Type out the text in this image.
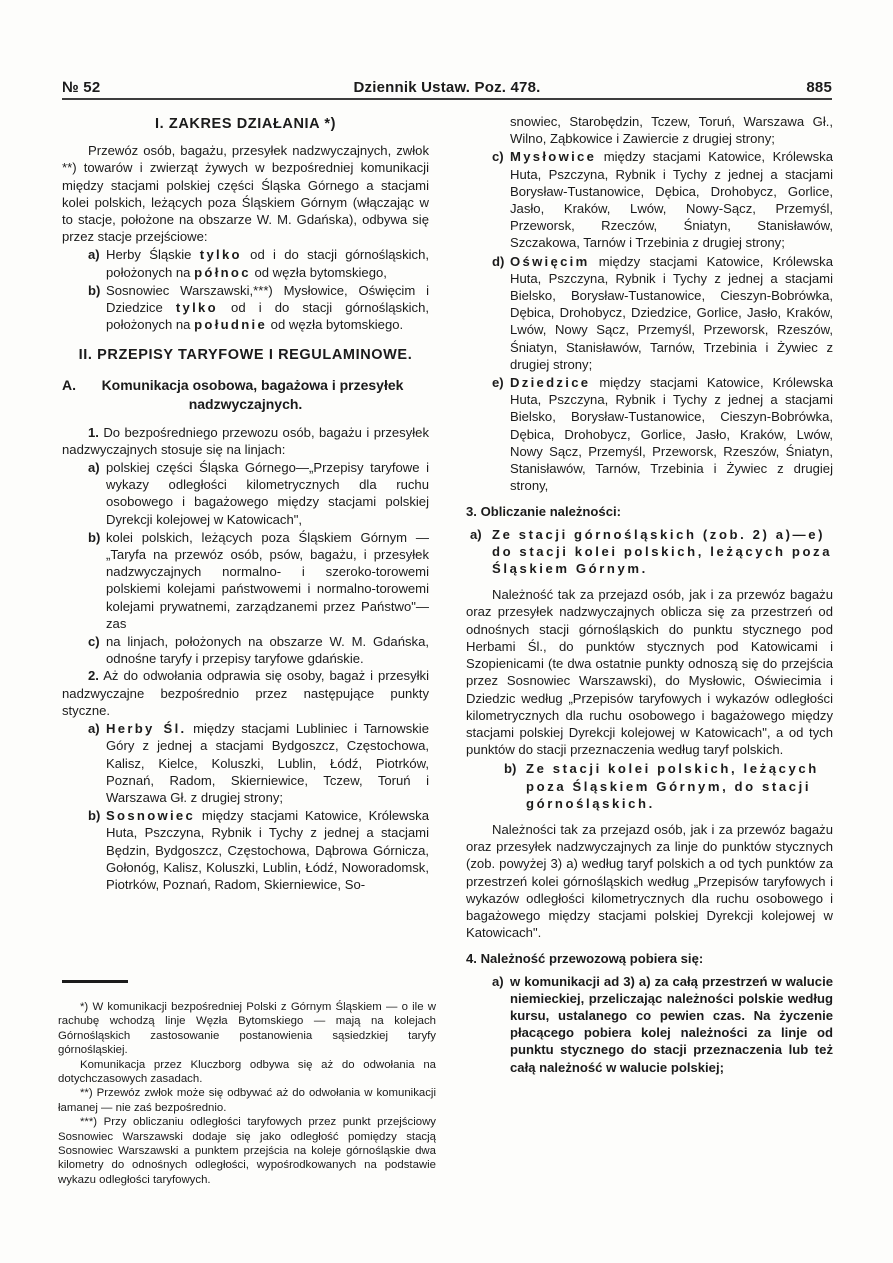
№ 52	Dziennik Ustaw. Poz. 478.	885
I. ZAKRES DZIAŁANIA *)

Przewóz osób, bagażu, przesyłek nadzwyczajnych, zwłok **) towarów i zwierząt żywych w bezpośredniej komunikacji między stacjami polskiej części Śląska Górnego a stacjami kolei polskich, leżących poza Śląskiem Górnym (włączając w to stacje, położone na obszarze W. M. Gdańska), odbywa się przez stacje przejściowe:

a) Herby Śląskie tylko od i do stacji górnośląskich, położonych na północ od węzła bytomskiego,
b) Sosnowiec Warszawski,***) Mysłowice, Oświęcim i Dziedzice tylko od i do stacji górnośląskich, położonych na południe od węzła bytomskiego.
II. PRZEPISY TARYFOWE I REGULAMINOWE.
A. Komunikacja osobowa, bagażowa i przesyłek nadzwyczajnych.

1. Do bezpośredniego przewozu osób, bagażu i przesyłek nadzwyczajnych stosuje się na linjach:

a) polskiej części Śląska Górnego—„Przepisy taryfowe i wykazy odległości kilometrycznych dla ruchu osobowego i bagażowego między stacjami polskiej Dyrekcji kolejowej w Katowicach",
b) kolei polskich, leżących poza Śląskiem Górnym — „Taryfa na przewóz osób, psów, bagażu, i przesyłek nadzwyczajnych normalno- i szeroko-torowemi polskiemi kolejami państwowemi i normalno-torowemi kolejami prywatnemi, zarządzanemi przez Państwo"—zas
c) na linjach, położonych na obszarze W. M. Gdańska, odnośne taryfy i przepisy taryfowe gdańskie.

2. Aż do odwołania odprawia się osoby, bagaż i przesyłki nadzwyczajne bezpośrednio przez następujące punkty styczne.

a) Herby Śl. między stacjami Lubliniec i Tarnowskie Góry z jednej a stacjami Bydgoszcz, Częstochowa, Kalisz, Kielce, Koluszki, Lublin, Łódź, Piotrków, Poznań, Radom, Skierniewice, Tczew, Toruń i Warszawa Gł. z drugiej strony;
b) Sosnowiec między stacjami Katowice, Królewska Huta, Pszczyna, Rybnik i Tychy z jednej a stacjami Będzin, Bydgoszcz, Częstochowa, Dąbrowa Górnicza, Gołonóg, Kalisz, Koluszki, Lublin, Łódź, Noworadomsk, Piotrków, Poznań, Radom, Skierniewice, So-

*) W komunikacji bezpośredniej Polski z Górnym Śląskiem — o ile w rachubę wchodzą linje Węzła Bytomskiego — mają na kolejach Górnośląskich zastosowanie postanowienia sąsiedzkiej taryfy górnośląskiej.

Komunikacja przez Kluczborg odbywa się aż do odwołania na dotychczasowych zasadach.

**) Przewóz zwłok może się odbywać aż do odwołania w komunikacji łamanej — nie zaś bezpośrednio.

***) Przy obliczaniu odległości taryfowych przez punkt przejściowy Sosnowiec Warszawski dodaje się jako odległość pomiędzy stacją Sosnowiec Warszawski a punktem przejścia na koleje górnośląskie dwa kilometry do odnośnych odległości, wypośrodkowanych na podstawie wykazu odległości taryfowych.

snowiec, Starobędzin, Tczew, Toruń, Warszawa Gł., Wilno, Ząbkowice i Zawiercie z drugiej strony;
c) Mysłowice między stacjami Katowice, Królewska Huta, Pszczyna, Rybnik i Tychy z jednej a stacjami Borysław-Tustanowice, Dębica, Drohobycz, Gorlice, Jasło, Kraków, Lwów, Nowy-Sącz, Przemyśl, Przeworsk, Rzeczów, Śniatyn, Stanisławów, Szczakowa, Tarnów i Trzebinia z drugiej strony;
d) Oświęcim między stacjami Katowice, Królewska Huta, Pszczyna, Rybnik i Tychy z jednej a stacjami Bielsko, Borysław-Tustanowice, Cieszyn-Bobrówka, Dębica, Drohobycz, Dziedzice, Gorlice, Jasło, Kraków, Lwów, Nowy Sącz, Przemyśl, Przeworsk, Rzeszów, Śniatyn, Stanisławów, Tarnów, Trzebinia i Żywiec z drugiej strony;
e) Dziedzice między stacjami Katowice, Królewska Huta, Pszczyna, Rybnik i Tychy z jednej a stacjami Bielsko, Borysław-Tustanowice, Cieszyn-Bobrówka, Dębica, Drohobycz, Gorlice, Jasło, Kraków, Lwów, Nowy Sącz, Przemyśl, Przeworsk, Rzeszów, Śniatyn, Stanisławów, Tarnów, Trzebinia i Żywiec z drugiej strony,

3. Obliczanie należności:

a) Ze stacji górnośląskich (zob. 2) a)—e) do stacji kolei polskich, leżących poza Śląskiem Górnym.

Należność tak za przejazd osób, jak i za przewóz bagażu oraz przesyłek nadzwyczajnych oblicza się za przestrzeń od odnośnych stacji górnośląskich do punktu stycznego pod Herbami Śl., do punktów stycznych pod Katowicami i Szopienicami (te dwa ostatnie punkty odnoszą się do przejścia przez Sosnowiec Warszawski), do Mysłowic, Oświecimia i Dziedzic według „Przepisów taryfowych i wykazów odległości kilometrycznych dla ruchu osobowego i bagażowego między stacjami polskiej Dyrekcji kolejowej w Katowicach", a od tych punktów do stacji przeznaczenia według taryf polskich.

b) Ze stacji kolei polskich, leżących poza Śląskiem Górnym, do stacji górnośląskich.

Należności tak za przejazd osób, jak i za przewóz bagażu oraz przesyłek nadzwyczajnych za linje do punktów stycznych (zob. powyżej 3) a) według taryf polskich a od tych punktów za przestrzeń kolei górnośląskich według „Przepisów taryfowych i wykazów odległości kilometrycznych dla ruchu osobowego i bagażowego między stacjami polskiej Dyrekcji kolejowej w Katowicach".

4. Należność przewozową pobiera się:

a) w komunikacji ad 3) a) za całą przestrzeń w walucie niemieckiej, przeliczając należności polskie według kursu, ustalanego co pewien czas. Na życzenie płacącego pobiera kolej należności za linje od punktu stycznego do stacji przeznaczenia lub też całą należność w walucie polskiej;
